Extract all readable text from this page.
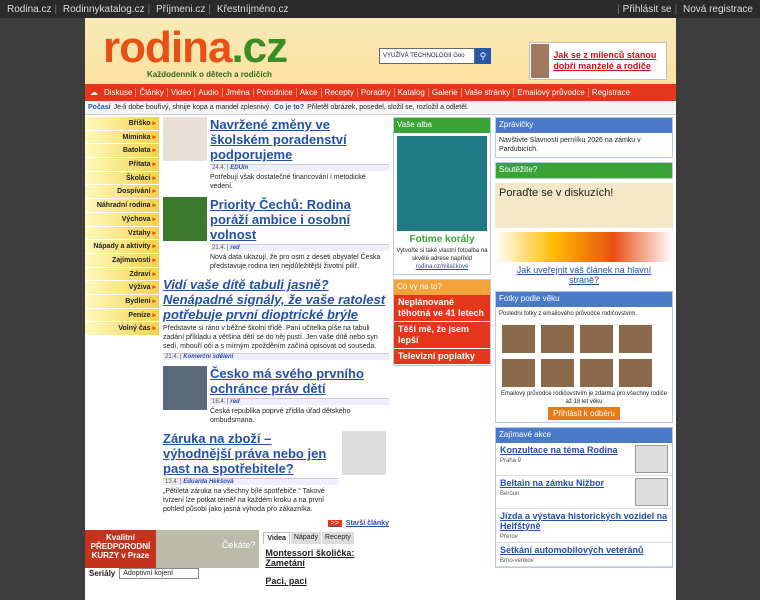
Rodina.cz | Rodinnykatalog.cz | Příjmeni.cz | Křestníjméno.cz	| Přihlásit se | Nová registrace
rodina.cz
Každodenník o dětech a rodičích
VYUŽÍVÁ TECHNOLOGII Goo	⚲	Jak se z milenců stanou dobří manželé a rodiče
☁ Diskuse Články Video Audio Jména Porodnice Akce Recepty Poradny Katalog Galerie Vaše stránky Emailový průvodce Registrace
Počasí Je-li dobe bouřivý, shnije kopa a mandel zplesnivý. Co je to? Přiletěl obrázek, posedel, složil se, rozložil a odletěl.
Bříško ▸
Miminka ▸
Batolata ▸
Přítata ▸
Školáci ▸
Dospívání ▸
Náhradní rodina ▸
Výchova ▸
Vztahy ▸
Nápady a aktivity ▸
Zajímavosti ▸
Zdraví ▸
Výživa ▸
Bydlení ▸
Peníze ▸
Volný čas ▸
Navržené změny ve školském poradenství podporujeme
24.4. | EDUin

Potřebují však dostatečné financování i metodické vedení.

Priority Čechů: Rodina poráží ambice i osobní volnost
21.4. | red

Nová data ukazují, že pro osm z deseti obyvatel Česka představuje rodina ten nejdůležitější životní pilíř.

Vidí vaše dítě tabuli jasně? Nenápadné signály, že vaše ratolest potřebuje první dioptrické brýle

Představte si ráno v běžné školní třídě. Paní učitelka píše na tabuli zadání příkladu a většina dětí se do něj pustí. Jen vaše dítě nebo syn sedí, mhouří oči a s mírným zpožděním začíná opisovat od souseda.

21.4. | Komerční sdělení
Česko má svého prvního ochránce práv dětí
16.4. | red

Česká republika poprvé zřídila úřad dětského ombudsmana.

Záruka na zboží – výhodnější práva nebo jen past na spotřebitele?
13.4. | Eduarda Hekšová

„Pětiletá záruka na všechny bílé spotřebiče.“ Takové tvrzení lze potkat téměř na každém kroku a na první pohled působí jako jasná výhoda pro zákazníka.

>> Starší články
Vaše alba
Fotime korály
Vytvořte si také vlastní fotoalba na skvělé adrese napříkld rodina.cz/miláčkové
Co vy na to?
Neplánované těhotná ve 41 letech
Těší mě, že jsem lepší
Televizní poplatky
Zprávičky
Navštivte Slavnosti pernííku 2026 na zámku v Pardubicích.
Soutěžíte?
Poraďte se v diskuzích!
Jak uveřejnit váš článek na hlavní straně?
Fotky podle věku
Poslední fotky z emailového průvodce rodičovstvím.
Emailový průvodce rodičovstvím je zdarma pro všechny rodiče až 18 let věku
Přihlásit k odběru
Zajímavé akce
Konzultace na téma Rodina
Praha 9
Beltain na zámku Nižbor
Beroun
Jízda a výstava historických vozidel na Helfštýně
Přerov
Setkání automobilových veteránů
Brno-venkov
Kvalitní PŘEDPORODNÍ KURZY v Praze
Čekáte?
Videa	Nápady	Recepty
Montessori školička: Zametání
Paci, paci
Seriály	Adoptivní kojení
